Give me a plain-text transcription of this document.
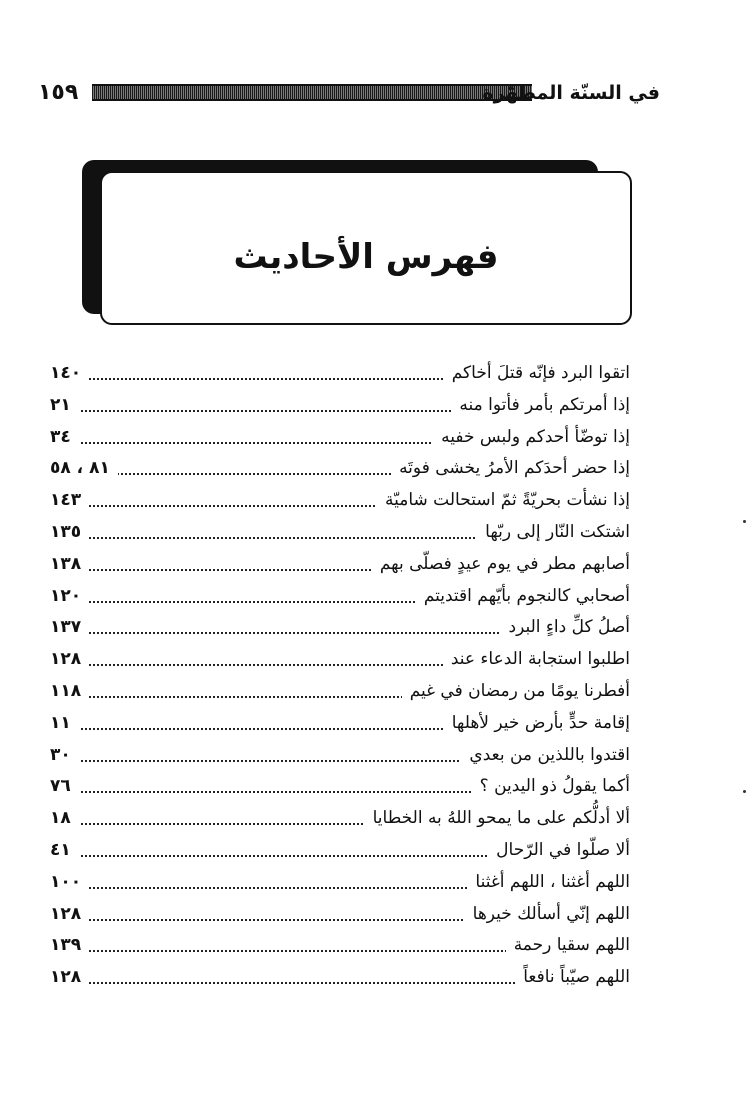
١٥٩	في السنّة المطهّرة
فهرس الأحاديث
اتقوا البرد فإنّه قتلَ أخاكم
١٤٠
إذا أمرتكم بأمر فأتوا منه
٢١
إذا توضّأ أحدكم ولبس خفيه
٣٤
إذا حضر أحدَكم الأمرُ يخشى فوتَه
٨١ ، ٥٨
إذا نشأت بحريّةً ثمّ استحالت شاميّة
١٤٣
اشتكت النّار إلى ربّها
١٣٥
أصابهم مطر في يوم عيدٍ فصلّى بهم
١٣٨
أصحابي كالنجوم بأيّهم اقتديتم
١٢٠
أصلُ كلِّ داءٍ البرد
١٣٧
اطلبوا استجابة الدعاء عند
١٢٨
أفطرنا يومًا من رمضان في غيم
١١٨
إقامة حدٍّ بأرض خير لأهلها
١١
اقتدوا باللذين من بعدي
٣٠
أكما يقولُ ذو اليدين ؟
٧٦
ألا أدلُّكم على ما يمحو اللهُ به الخطايا
١٨
ألا صلّوا في الرّحال
٤١
اللهم أغثنا ، اللهم أغثنا
١٠٠
اللهم إنّي أسألك خيرها
١٢٨
اللهم سقيا رحمة
١٣٩
اللهم صيّباً نافعاً
١٢٨
